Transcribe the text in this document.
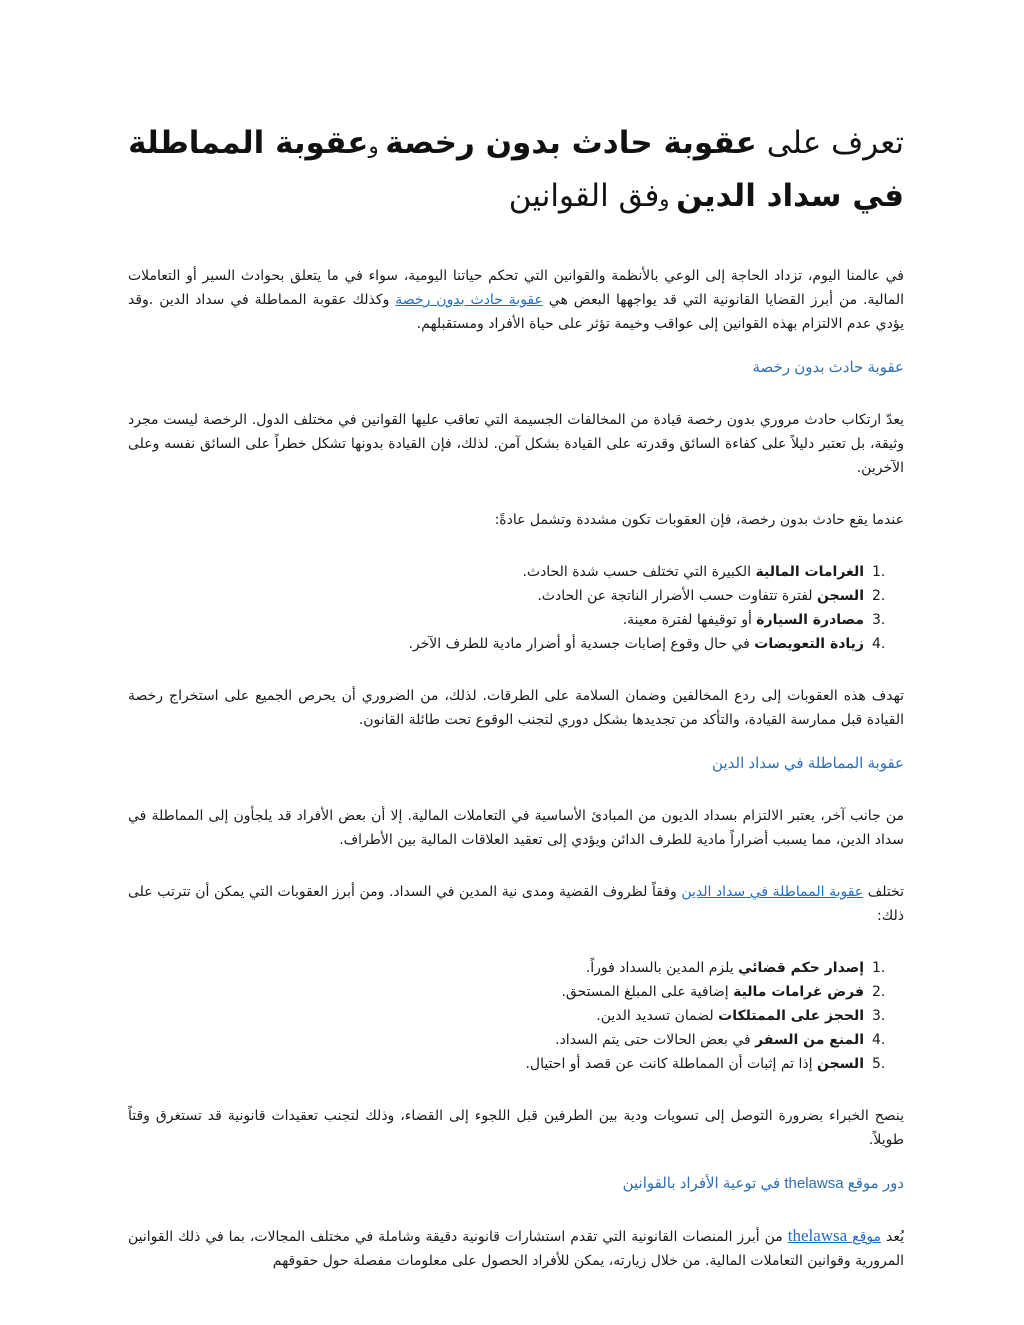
تعرف على عقوبة حادث بدون رخصة وعقوبة المماطلة في سداد الدين وفق القوانين

في عالمنا اليوم، تزداد الحاجة إلى الوعي بالأنظمة والقوانين التي تحكم حياتنا اليومية، سواء في ما يتعلق بحوادث السير أو التعاملات المالية. من أبرز القضايا القانونية التي قد يواجهها البعض هي عقوبة حادث بدون رخصة وكذلك عقوبة المماطلة في سداد الدين .وقد يؤدي عدم الالتزام بهذه القوانين إلى عواقب وخيمة تؤثر على حياة الأفراد ومستقبلهم.

عقوبة حادث بدون رخصة

يعدّ ارتكاب حادث مروري بدون رخصة قيادة من المخالفات الجسيمة التي تعاقب عليها القوانين في مختلف الدول. الرخصة ليست مجرد وثيقة، بل تعتبر دليلاً على كفاءة السائق وقدرته على القيادة بشكل آمن. لذلك، فإن القيادة بدونها تشكل خطراً على السائق نفسه وعلى الآخرين.

عندما يقع حادث بدون رخصة، فإن العقوبات تكون مشددة وتشمل عادةً:

1.
الغرامات المالية الكبيرة التي تختلف حسب شدة الحادث.
2.
السجن لفترة تتفاوت حسب الأضرار الناتجة عن الحادث.
3.
مصادرة السيارة أو توقيفها لفترة معينة.
4.
زيادة التعويضات في حال وقوع إصابات جسدية أو أضرار مادية للطرف الآخر.

تهدف هذه العقوبات إلى ردع المخالفين وضمان السلامة على الطرقات. لذلك، من الضروري أن يحرص الجميع على استخراج رخصة القيادة قبل ممارسة القيادة، والتأكد من تجديدها بشكل دوري لتجنب الوقوع تحت طائلة القانون.

عقوبة المماطلة في سداد الدين

من جانب آخر، يعتبر الالتزام بسداد الديون من المبادئ الأساسية في التعاملات المالية. إلا أن بعض الأفراد قد يلجأون إلى المماطلة في سداد الدين، مما يسبب أضراراً مادية للطرف الدائن ويؤدي إلى تعقيد العلاقات المالية بين الأطراف.

تختلف عقوبة المماطلة في سداد الدين وفقاً لظروف القضية ومدى نية المدين في السداد. ومن أبرز العقوبات التي يمكن أن تترتب على ذلك:

1.
إصدار حكم قضائي يلزم المدين بالسداد فوراً.
2.
فرض غرامات مالية إضافية على المبلغ المستحق.
3.
الحجز على الممتلكات لضمان تسديد الدين.
4.
المنع من السفر في بعض الحالات حتى يتم السداد.
5.
السجن إذا تم إثبات أن المماطلة كانت عن قصد أو احتيال.

ينصح الخبراء بضرورة التوصل إلى تسويات ودية بين الطرفين قبل اللجوء إلى القضاء، وذلك لتجنب تعقيدات قانونية قد تستغرق وقتاً طويلاً.

دور موقع thelawsa في توعية الأفراد بالقوانين

يُعد موقع thelawsa من أبرز المنصات القانونية التي تقدم استشارات قانونية دقيقة وشاملة في مختلف المجالات، بما في ذلك القوانين المرورية وقوانين التعاملات المالية. من خلال زيارته، يمكن للأفراد الحصول على معلومات مفصلة حول حقوقهم
